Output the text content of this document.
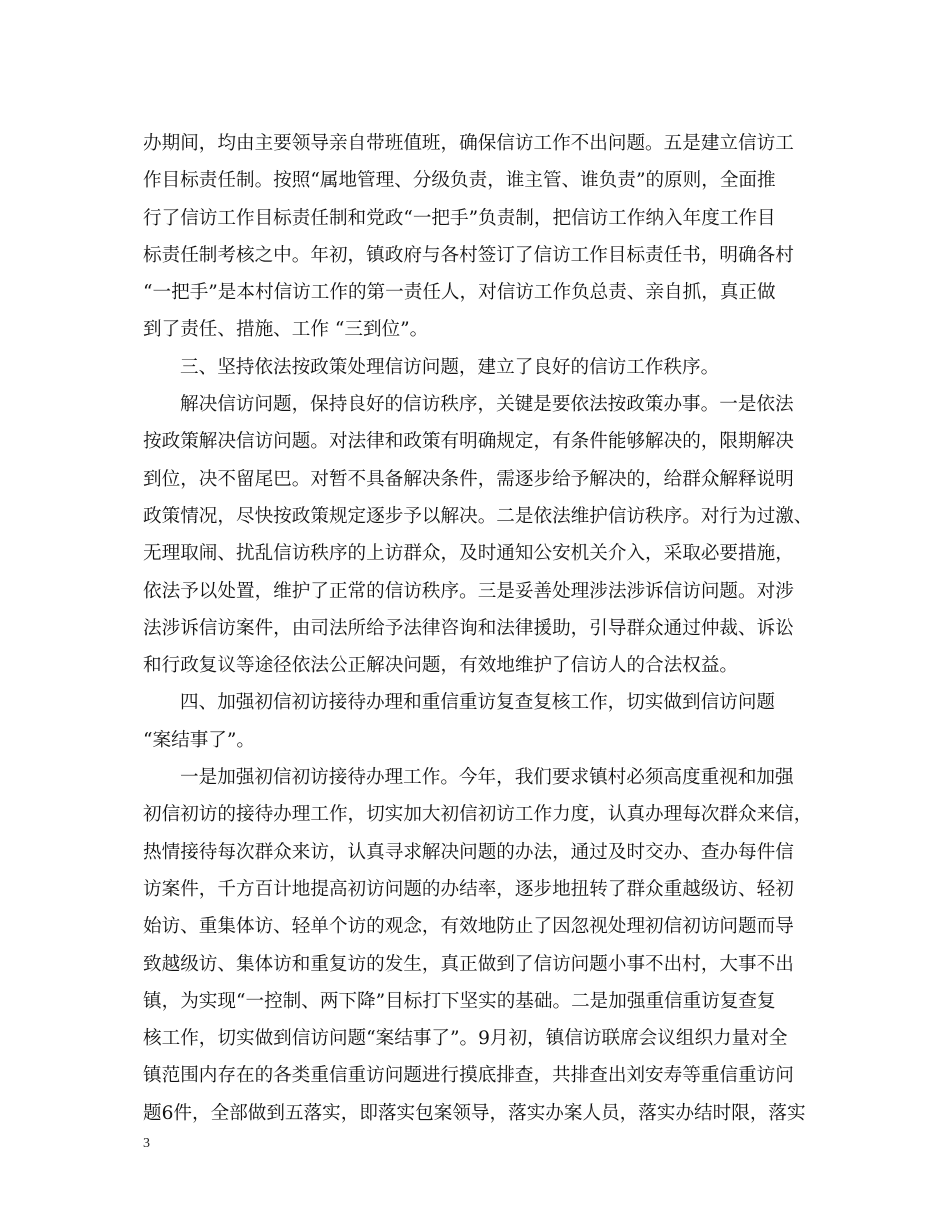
办期间，均由主要领导亲自带班值班，确保信访工作不出问题。五是建立信访工
作目标责任制。按照“属地管理、分级负责，谁主管、谁负责”的原则，全面推
行了信访工作目标责任制和党政“一把手”负责制，把信访工作纳入年度工作目
标责任制考核之中。年初，镇政府与各村签订了信访工作目标责任书，明确各村
“一把手”是本村信访工作的第一责任人，对信访工作负总责、亲自抓，真正做
到了责任、措施、工作 “三到位”。
三、坚持依法按政策处理信访问题，建立了良好的信访工作秩序。
解决信访问题，保持良好的信访秩序，关键是要依法按政策办事。一是依法
按政策解决信访问题。对法律和政策有明确规定，有条件能够解决的，限期解决
到位，决不留尾巴。对暂不具备解决条件，需逐步给予解决的，给群众解释说明
政策情况，尽快按政策规定逐步予以解决。二是依法维护信访秩序。对行为过激、
无理取闹、扰乱信访秩序的上访群众，及时通知公安机关介入，采取必要措施，
依法予以处置，维护了正常的信访秩序。三是妥善处理涉法涉诉信访问题。对涉
法涉诉信访案件，由司法所给予法律咨询和法律援助，引导群众通过仲裁、诉讼
和行政复议等途径依法公正解决问题，有效地维护了信访人的合法权益。
四、加强初信初访接待办理和重信重访复查复核工作，切实做到信访问题
“案结事了”。
一是加强初信初访接待办理工作。今年，我们要求镇村必须高度重视和加强
初信初访的接待办理工作，切实加大初信初访工作力度，认真办理每次群众来信，
热情接待每次群众来访，认真寻求解决问题的办法，通过及时交办、查办每件信
访案件，千方百计地提高初访问题的办结率，逐步地扭转了群众重越级访、轻初
始访、重集体访、轻单个访的观念，有效地防止了因忽视处理初信初访问题而导
致越级访、集体访和重复访的发生，真正做到了信访问题小事不出村，大事不出
镇，为实现“一控制、两下降”目标打下坚实的基础。二是加强重信重访复查复
核工作，切实做到信访问题“案结事了”。9月初，镇信访联席会议组织力量对全
镇范围内存在的各类重信重访问题进行摸底排查，共排查出刘安寿等重信重访问
题6件，全部做到五落实，即落实包案领导，落实办案人员，落实办结时限，落实
3
